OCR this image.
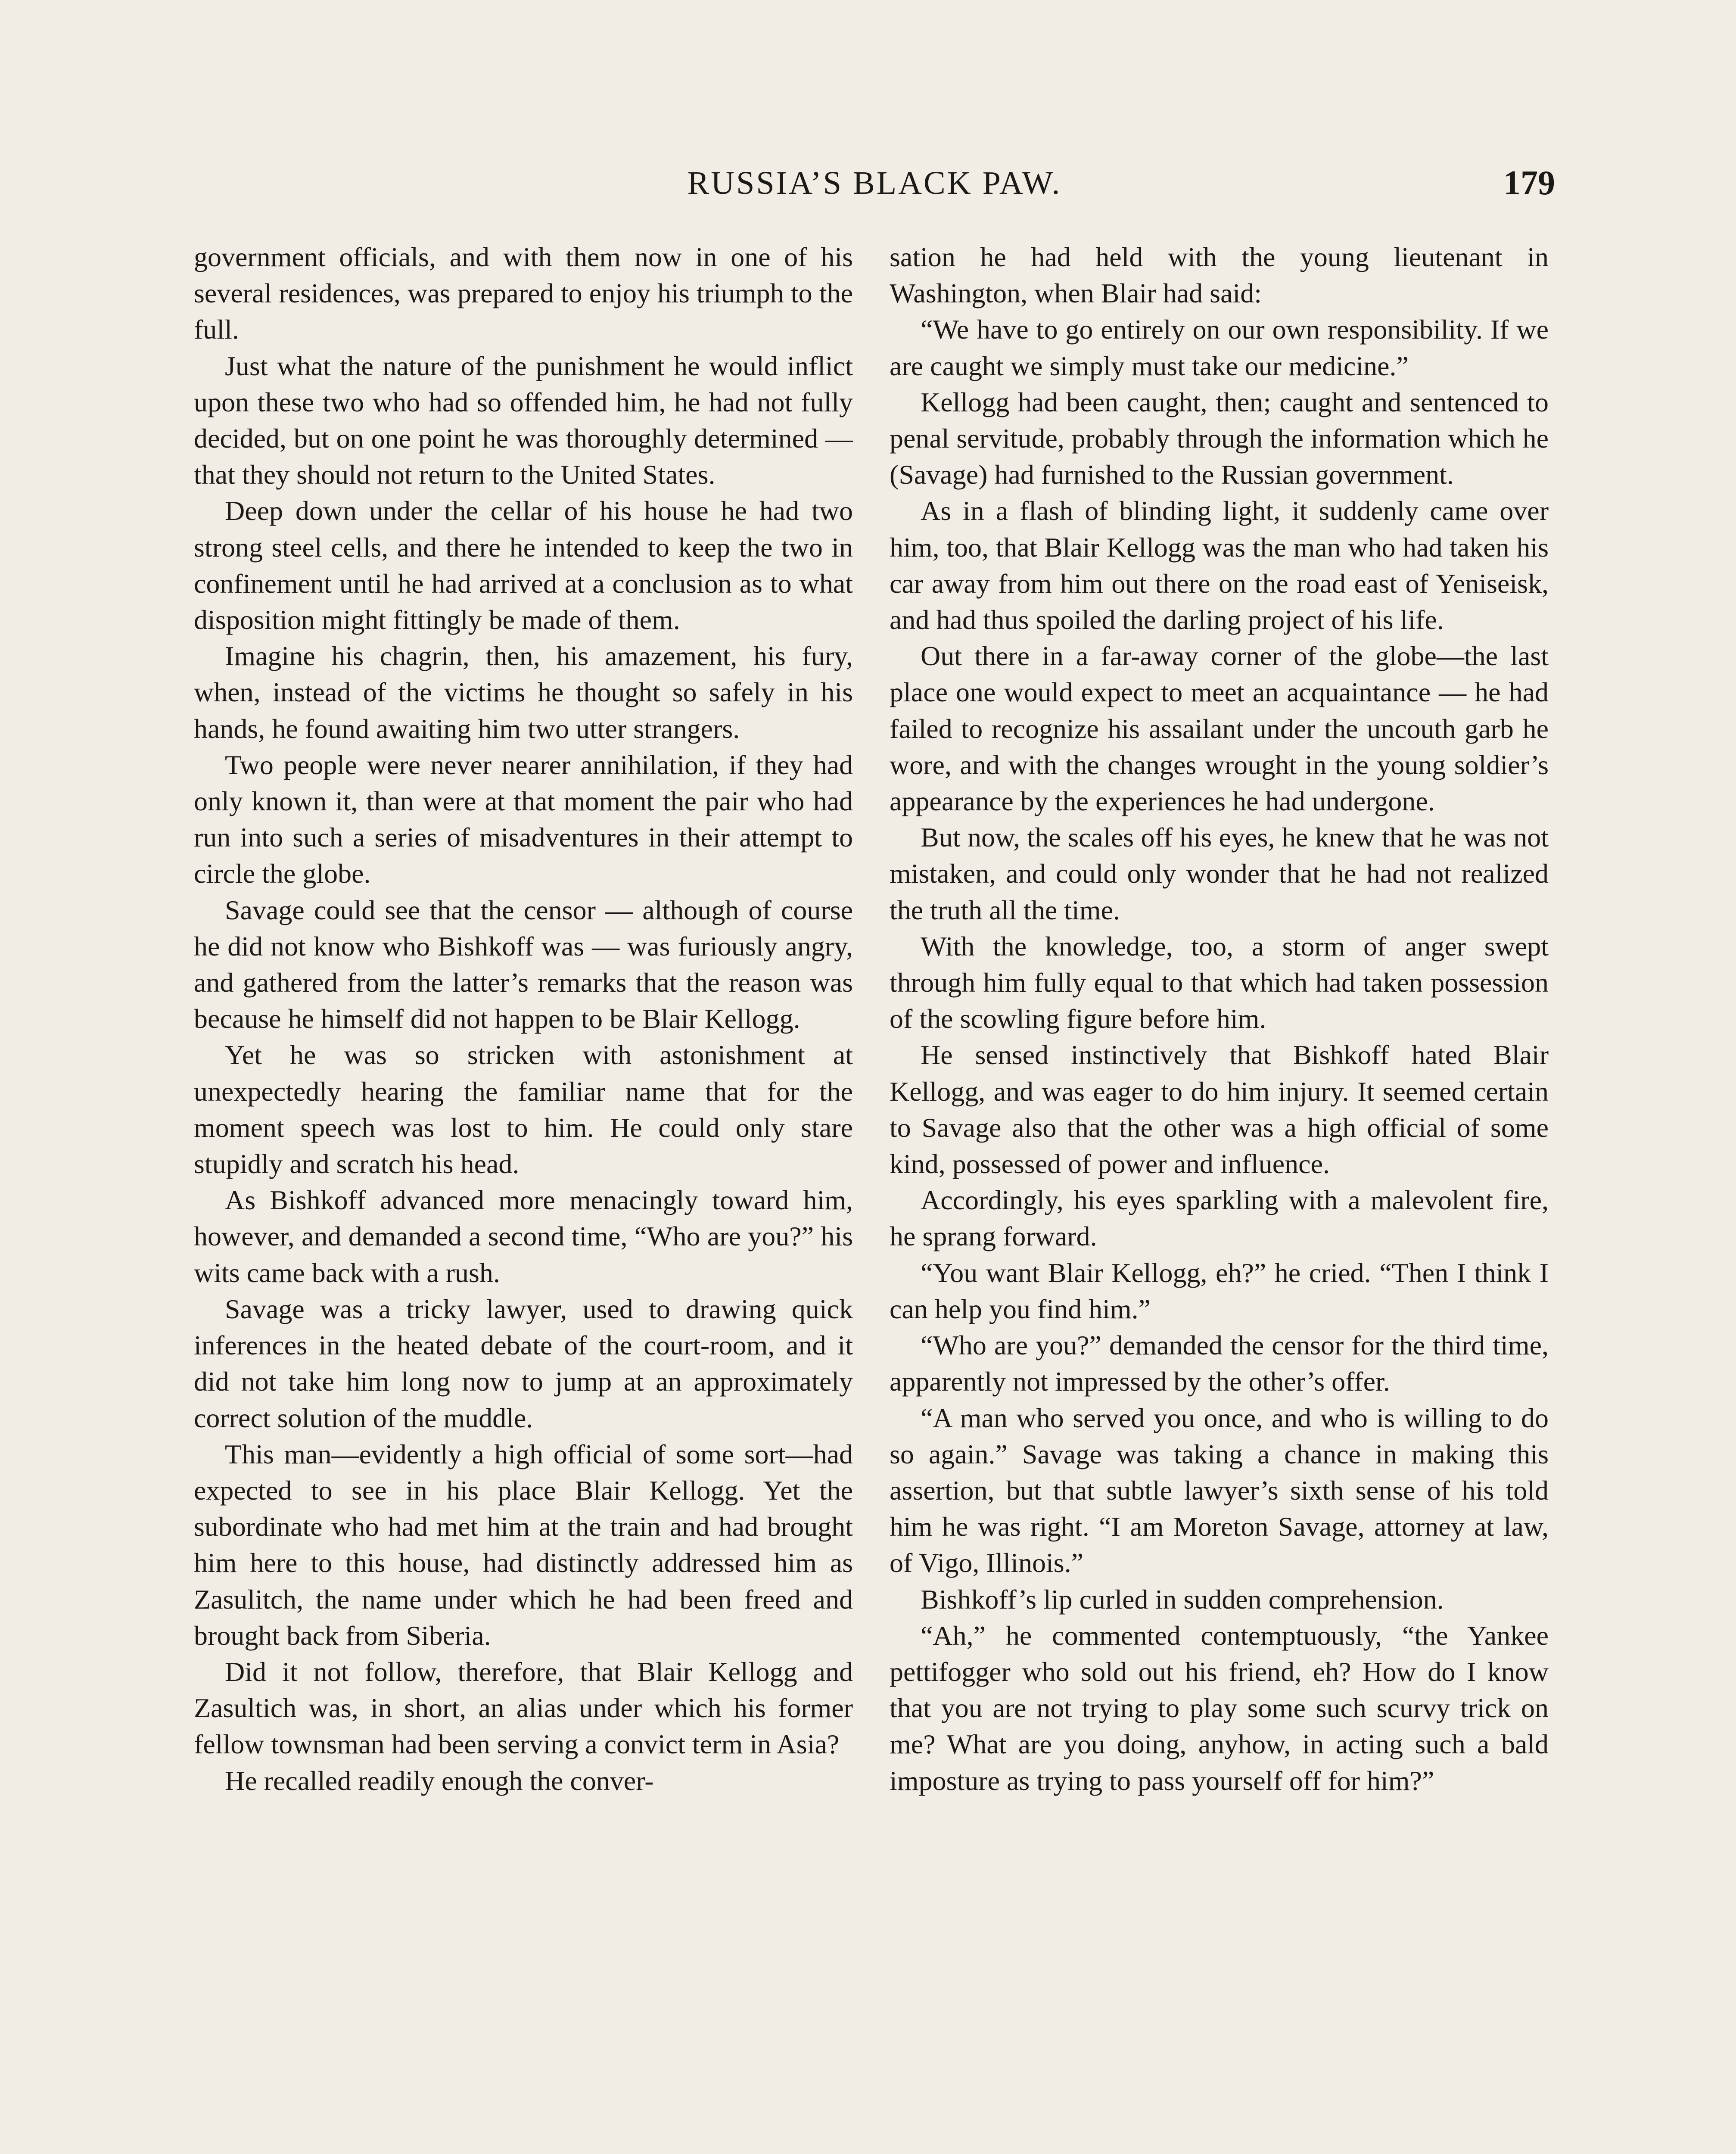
RUSSIA’S BLACK PAW.	179

government officials, and with them now in one of his several residences, was prepared to enjoy his triumph to the full.

Just what the nature of the punishment he would inflict upon these two who had so offended him, he had not fully decided, but on one point he was thoroughly determined —that they should not return to the United States.

Deep down under the cellar of his house he had two strong steel cells, and there he intended to keep the two in confinement until he had arrived at a conclusion as to what disposition might fittingly be made of them.

Imagine his chagrin, then, his amazement, his fury, when, instead of the victims he thought so safely in his hands, he found awaiting him two utter strangers.

Two people were never nearer annihilation, if they had only known it, than were at that moment the pair who had run into such a series of misadventures in their attempt to circle the globe.

Savage could see that the censor — although of course he did not know who Bishkoff was — was furiously angry, and gathered from the latter’s remarks that the reason was because he himself did not happen to be Blair Kellogg.

Yet he was so stricken with astonishment at unexpectedly hearing the familiar name that for the moment speech was lost to him. He could only stare stupidly and scratch his head.

As Bishkoff advanced more menacingly toward him, however, and demanded a second time, “Who are you?” his wits came back with a rush.

Savage was a tricky lawyer, used to drawing quick inferences in the heated debate of the court-room, and it did not take him long now to jump at an approximately correct solution of the muddle.

This man—evidently a high official of some sort—had expected to see in his place Blair Kellogg. Yet the subordinate who had met him at the train and had brought him here to this house, had distinctly addressed him as Zasulitch, the name under which he had been freed and brought back from Siberia.

Did it not follow, therefore, that Blair Kellogg and Zasultich was, in short, an alias under which his former fellow townsman had been serving a convict term in Asia?

He recalled readily enough the conver-

sation he had held with the young lieutenant in Washington, when Blair had said:

“We have to go entirely on our own responsibility. If we are caught we simply must take our medicine.”

Kellogg had been caught, then; caught and sentenced to penal servitude, probably through the information which he (Savage) had furnished to the Russian government.

As in a flash of blinding light, it suddenly came over him, too, that Blair Kellogg was the man who had taken his car away from him out there on the road east of Yeniseisk, and had thus spoiled the darling project of his life.

Out there in a far-away corner of the globe—the last place one would expect to meet an acquaintance — he had failed to recognize his assailant under the uncouth garb he wore, and with the changes wrought in the young soldier’s appearance by the experiences he had undergone.

But now, the scales off his eyes, he knew that he was not mistaken, and could only wonder that he had not realized the truth all the time.

With the knowledge, too, a storm of anger swept through him fully equal to that which had taken possession of the scowling figure before him.

He sensed instinctively that Bishkoff hated Blair Kellogg, and was eager to do him injury. It seemed certain to Savage also that the other was a high official of some kind, possessed of power and influence.

Accordingly, his eyes sparkling with a malevolent fire, he sprang forward.

“You want Blair Kellogg, eh?” he cried. “Then I think I can help you find him.”

“Who are you?” demanded the censor for the third time, apparently not impressed by the other’s offer.

“A man who served you once, and who is willing to do so again.” Savage was taking a chance in making this assertion, but that subtle lawyer’s sixth sense of his told him he was right. “I am Moreton Savage, attorney at law, of Vigo, Illinois.”

Bishkoff’s lip curled in sudden comprehension.

“Ah,” he commented contemptuously, “the Yankee pettifogger who sold out his friend, eh? How do I know that you are not trying to play some such scurvy trick on me? What are you doing, anyhow, in acting such a bald imposture as trying to pass yourself off for him?”
